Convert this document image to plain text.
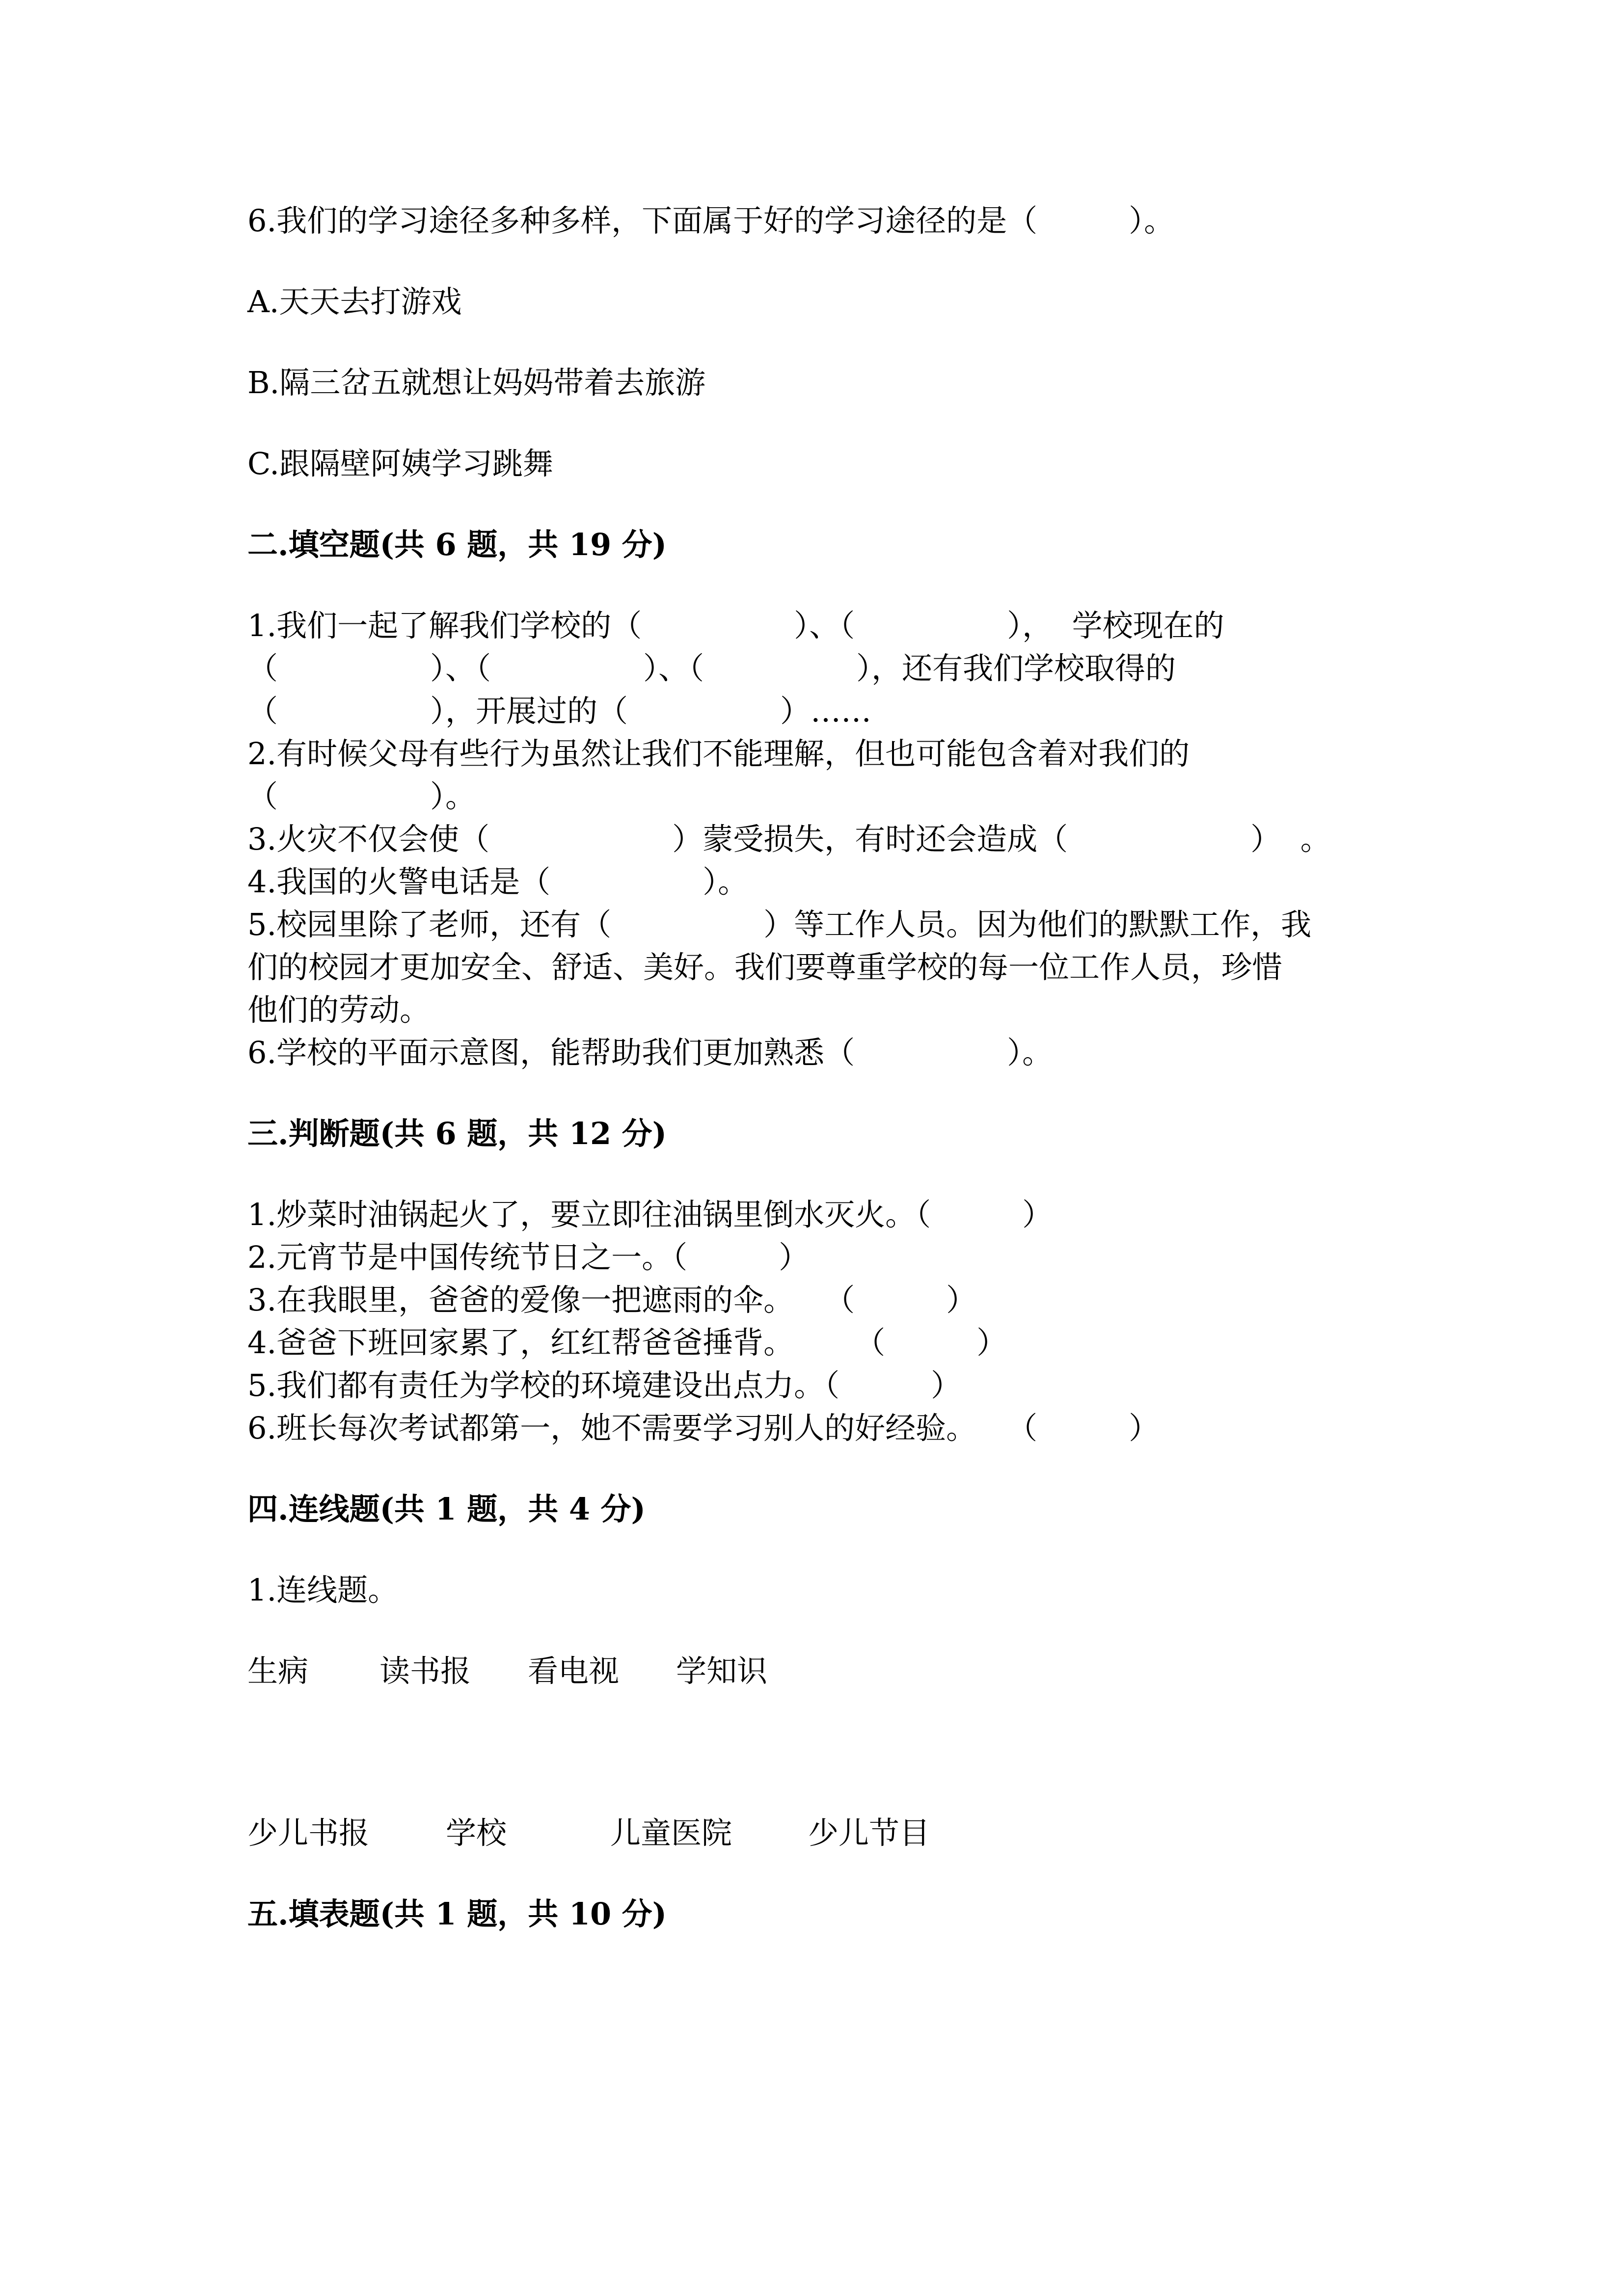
6.我们的学习途径多种多样，下面属于好的学习途径的是（　　　）。

A.天天去打游戏

B.隔三岔五就想让妈妈带着去旅游

C.跟隔壁阿姨学习跳舞

二.填空题(共 6 题，共 19 分)

1.我们一起了解我们学校的（　　　　　）、（　　　　　），  学校现在的

（　　　　　）、（　　　　　）、（　　　　　），还有我们学校取得的

（　　　　　），开展过的（　　　　　）……

2.有时候父母有些行为虽然让我们不能理解，但也可能包含着对我们的

（　　　　　）。

3.火灾不仅会使（　　　　　　）蒙受损失，有时还会造成（　　　　　　）  。

4.我国的火警电话是（　　　　　）。

5.校园里除了老师，还有（　　　　　）等工作人员。因为他们的默默工作，我

们的校园才更加安全、舒适、美好。我们要尊重学校的每一位工作人员，珍惜

他们的劳动。

6.学校的平面示意图，能帮助我们更加熟悉（　　　　　）。

三.判断题(共 6 题，共 12 分)

1.炒菜时油锅起火了，要立即往油锅里倒水灭火。（　　　）

2.元宵节是中国传统节日之一。（　　　）

3.在我眼里，爸爸的爱像一把遮雨的伞。　　（　　　）

4.爸爸下班回家累了，红红帮爸爸捶背。　　　（　　　）

5.我们都有责任为学校的环境建设出点力。（　　　）

6.班长每次考试都第一，她不需要学习别人的好经验。　　（　　　）

四.连线题(共 1 题，共 4 分)

1.连线题。

生病 读书报 看电视 学知识

少儿书报	学校	儿童医院 少儿节目

五.填表题(共 1 题，共 10 分)
